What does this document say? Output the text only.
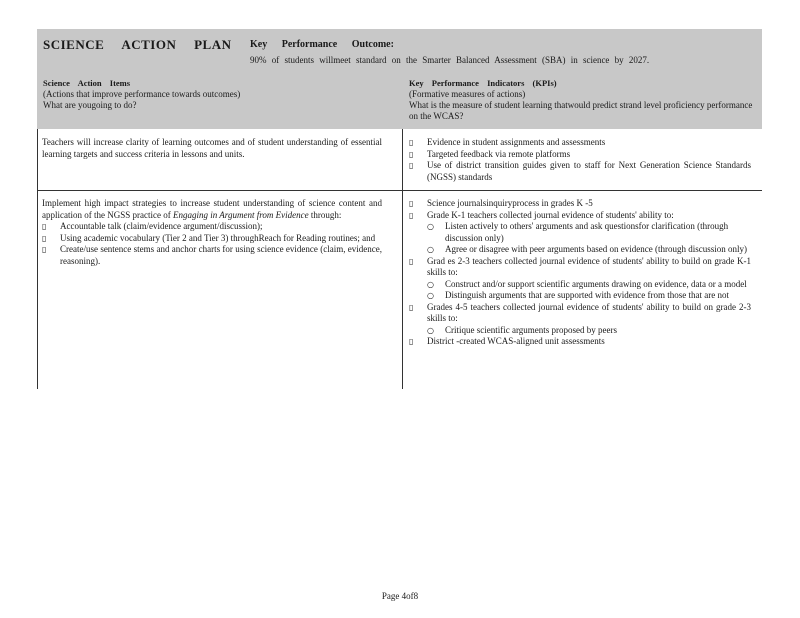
SCIENCE ACTION PLAN Key Performance Outcome:
90% of students willmeet standard on the Smarter Balanced Assessment (SBA) in science by 2027.
Science Action Items
(Actions that improve performance towards outcomes)
What are yougoing to do?
Key Performance Indicators (KPIs)
(Formative measures of actions)
What is the measure of student learning thatwould predict strand level proficiency performance on the WCAS?
Teachers will increase clarity of learning outcomes and of student understanding of essential learning targets and success criteria in lessons and units.
▯ Evidence in student assignments and assessments
▯ Targeted feedback via remote platforms
▯ Use of district transition guides given to staff for Next Generation Science Standards (NGSS) standards

Implement high impact strategies to increase student understanding of science content and application of the NGSS practice of Engaging in Argument from Evidence through:

▯ Accountable talk (claim/evidence argument/discussion);
▯ Using academic vocabulary (Tier 2 and Tier 3) throughReach for Reading routines; and
▯ Create/use sentence stems and anchor charts for using science evidence (claim, evidence, reasoning).
▯ Science journalsinquiryprocess in grades K -5
▯ Grade K-1 teachers collected journal evidence of students' ability to:
○ Listen actively to others' arguments and ask questionsfor clarification (through discussion only)
○ Agree or disagree with peer arguments based on evidence (through discussion only)
▯ Grad es 2-3 teachers collected journal evidence of students' ability to build on grade K-1 skills to:
○ Construct and/or support scientific arguments drawing on evidence, data or a model
○ Distinguish arguments that are supported with evidence from those that are not
▯ Grades 4-5 teachers collected journal evidence of students' ability to build on grade 2-3 skills to:
○ Critique scientific arguments proposed by peers
▯ District -created WCAS-aligned unit assessments
Page 4of8
